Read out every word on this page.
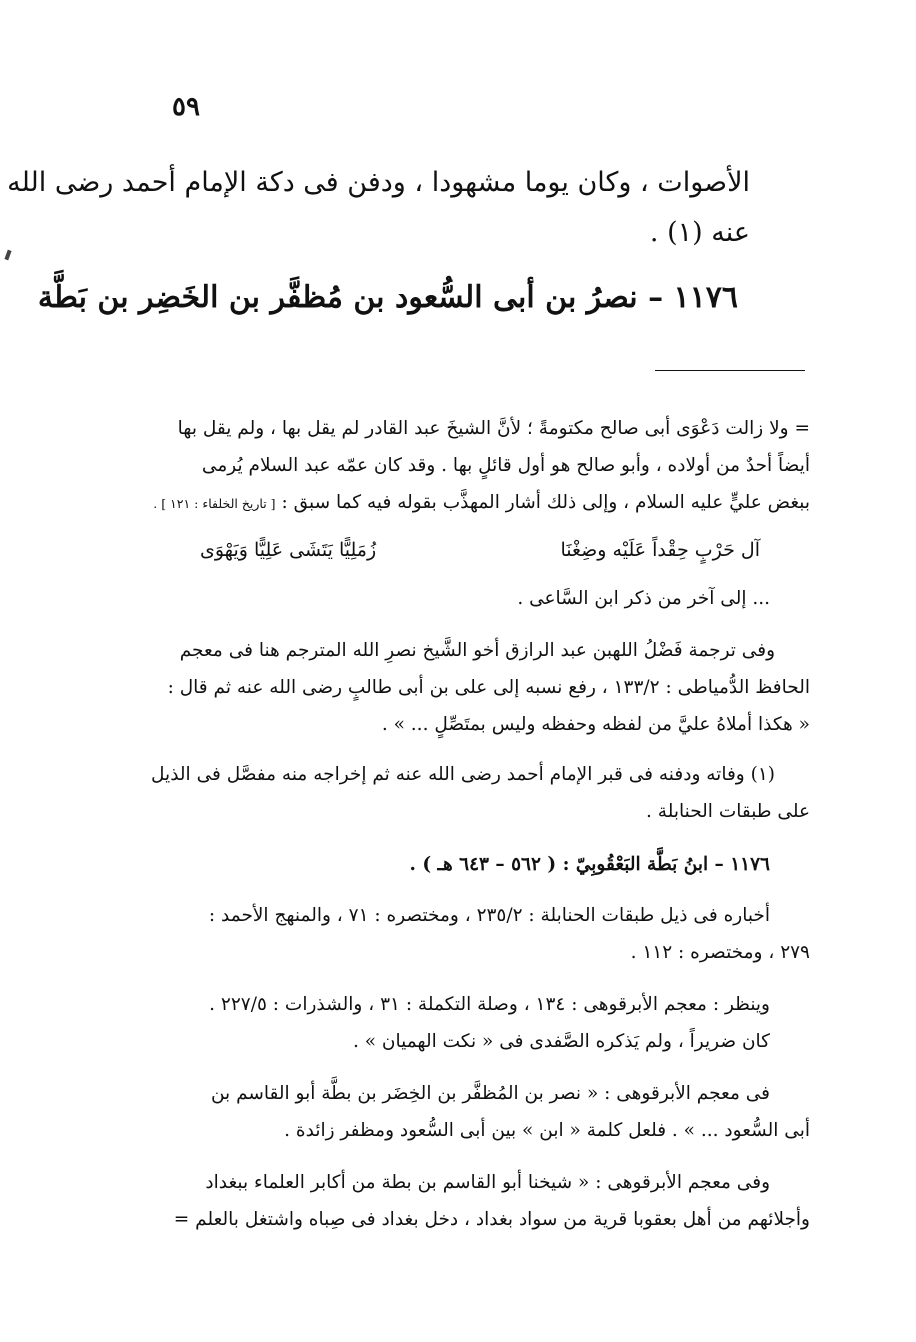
٥٩
الأصوات ، وكان يوما مشهودا ، ودفن فى دكة الإمام أحمد رضى الله
عنه (١) .
١١٧٦ – نصرُ بن أبى السُّعود بن مُظفَّر بن الخَضِر بن بَطَّة
= ولا زالت دَعْوَى أبى صالح مكتومةً ؛ لأنَّ الشيخَ عبد القادر لم يقل بها ، ولم يقل بها
أيضاً أحدٌ من أولاده ، وأبو صالح هو أول قائلٍ بها . وقد كان عمّه عبد السلام يُرمى
ببغض عليٍّ عليه السلام ، وإلى ذلك أشار المهذَّب بقوله فيه كما سبق : [ تاريخ الخلفاء : ١٢١ ] .
زُمَلِيًّا يَتَشَى عَلِيًّا وَيَهْوَى	آل حَرْبٍ حِقْداً عَلَيْه وضِغْنَا
... إلى آخر من ذكر ابن السَّاعى .
وفى ترجمة فَضْلُ اللهبن عبد الرازق أخو الشَّيخ نصرِ الله المترجم هنا فى معجم
الحافظ الدُّمياطى : ١٣٣/٢ ، رفع نسبه إلى على بن أبى طالبٍ رضى الله عنه ثم قال :
« هكذا أملاهُ عليَّ من لفظه وحفظه وليس بمتَصِّلٍ ... » .
(١) وفاته ودفنه فى قبر الإمام أحمد رضى الله عنه ثم إخراجه منه مفصَّل فى الذيل
على طبقات الحنابلة .
١١٧٦ – ابنُ بَطَّة البَعْقُوبِيّ : ( ٥٦٢ – ٦٤٣ هـ ) .
أخباره فى ذيل طبقات الحنابلة : ٢٣٥/٢ ، ومختصره : ٧١ ، والمنهج الأحمد :
٢٧٩ ، ومختصره : ١١٢ .
وينظر : معجم الأبرقوهى : ١٣٤ ، وصلة التكملة : ٣١ ، والشذرات : ٢٢٧/٥ .
كان ضريراً ، ولم يَذكره الصَّفدى فى « نكت الهميان » .
فى معجم الأبرقوهى : « نصر بن المُظفَّر بن الخِضَر بن بطَّة أبو القاسم بن
أبى السُّعود ... » . فلعل كلمة « ابن » بين أبى السُّعود ومظفر زائدة .
وفى معجم الأبرقوهى : « شيخنا أبو القاسم بن بطة من أكابر العلماء ببغداد
وأجلائهم من أهل بعقوبا قرية من سواد بغداد ، دخل بغداد فى صِباه واشتغل بالعلم =
